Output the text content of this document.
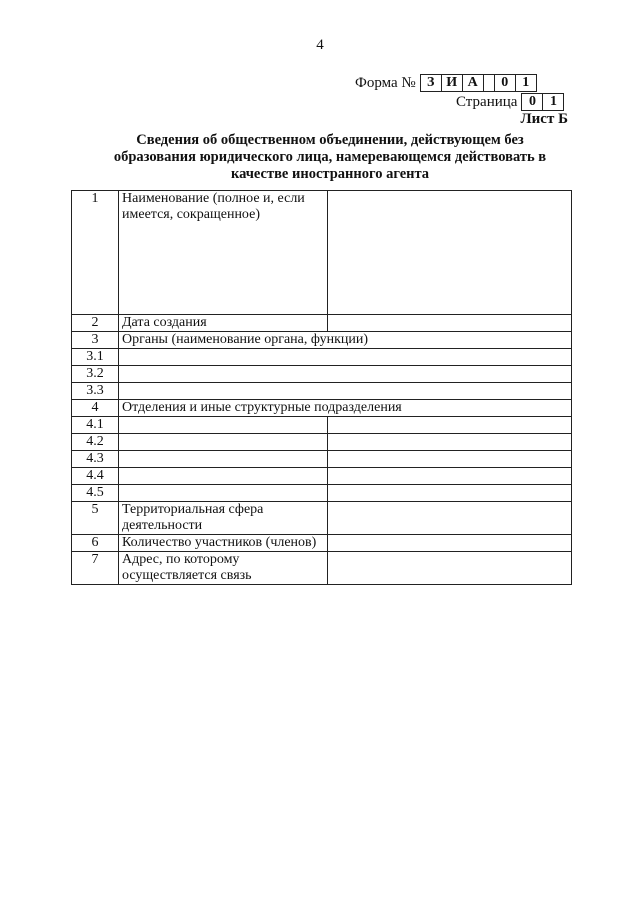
4
Форма № З И А	0	1
Страница 0	1
Лист Б
Сведения об общественном объединении, действующем без образования юридического лица, намеревающемся действовать в качестве иностранного агента
1	Наименование (полное и, если имеется, сокращенное)	
2	Дата создания	
3	Органы (наименование органа, функции)	
3.1		
3.2		
3.3		
4	Отделения и иные структурные подразделения	
4.1		
4.2		
4.3		
4.4		
4.5		
5	Территориальная сфера деятельности	
6	Количество участников (членов)	
7	Адрес, по которому осуществляется связь	
